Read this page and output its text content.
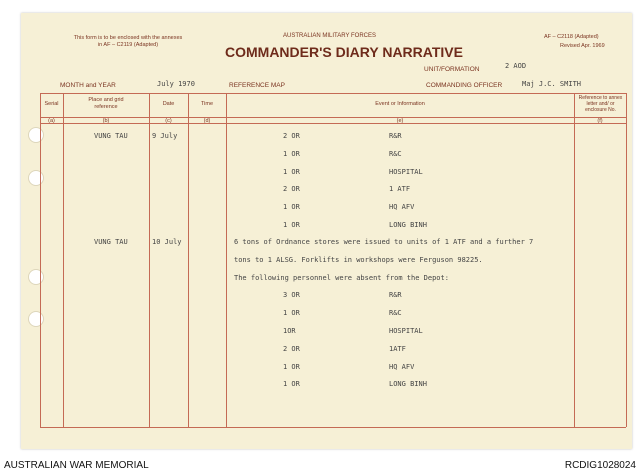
This form is to be enclosed with the annexes in AF – C2119 (Adapted)
AUSTRALIAN MILITARY FORCES
COMMANDER'S DIARY NARRATIVE
AF – C2118 (Adapted)
Revised Apr. 1969
UNIT/FORMATION	2 AOD
MONTH and YEAR	July 1970	REFERENCE MAP	COMMANDING OFFICER	Maj J.C. SMITH
Serial
Place and grid reference	Date	Time	Event or Information
Reference to annex letter and/ or enclosure No.
(a)	(b)	(c)	(d)	(e)	(f)
VUNG TAU	9 July	2 OR	R&R
1 OR	R&C
1 OR	HOSPITAL
2 OR	1 ATF
1 OR	HQ AFV
1 OR	LONG BINH
VUNG TAU	10 July	6 tons of Ordnance stores were issued to units of 1 ATF and a further 7
tons to 1 ALSG. Forklifts in workshops were Ferguson 98225.
The following personnel were absent from the Depot:
3 OR	R&R
1 OR	R&C
1OR	HOSPITAL
2 OR	1ATF
1 OR	HQ AFV
1 OR	LONG BINH
AUSTRALIAN WAR MEMORIAL	RCDIG1028024
